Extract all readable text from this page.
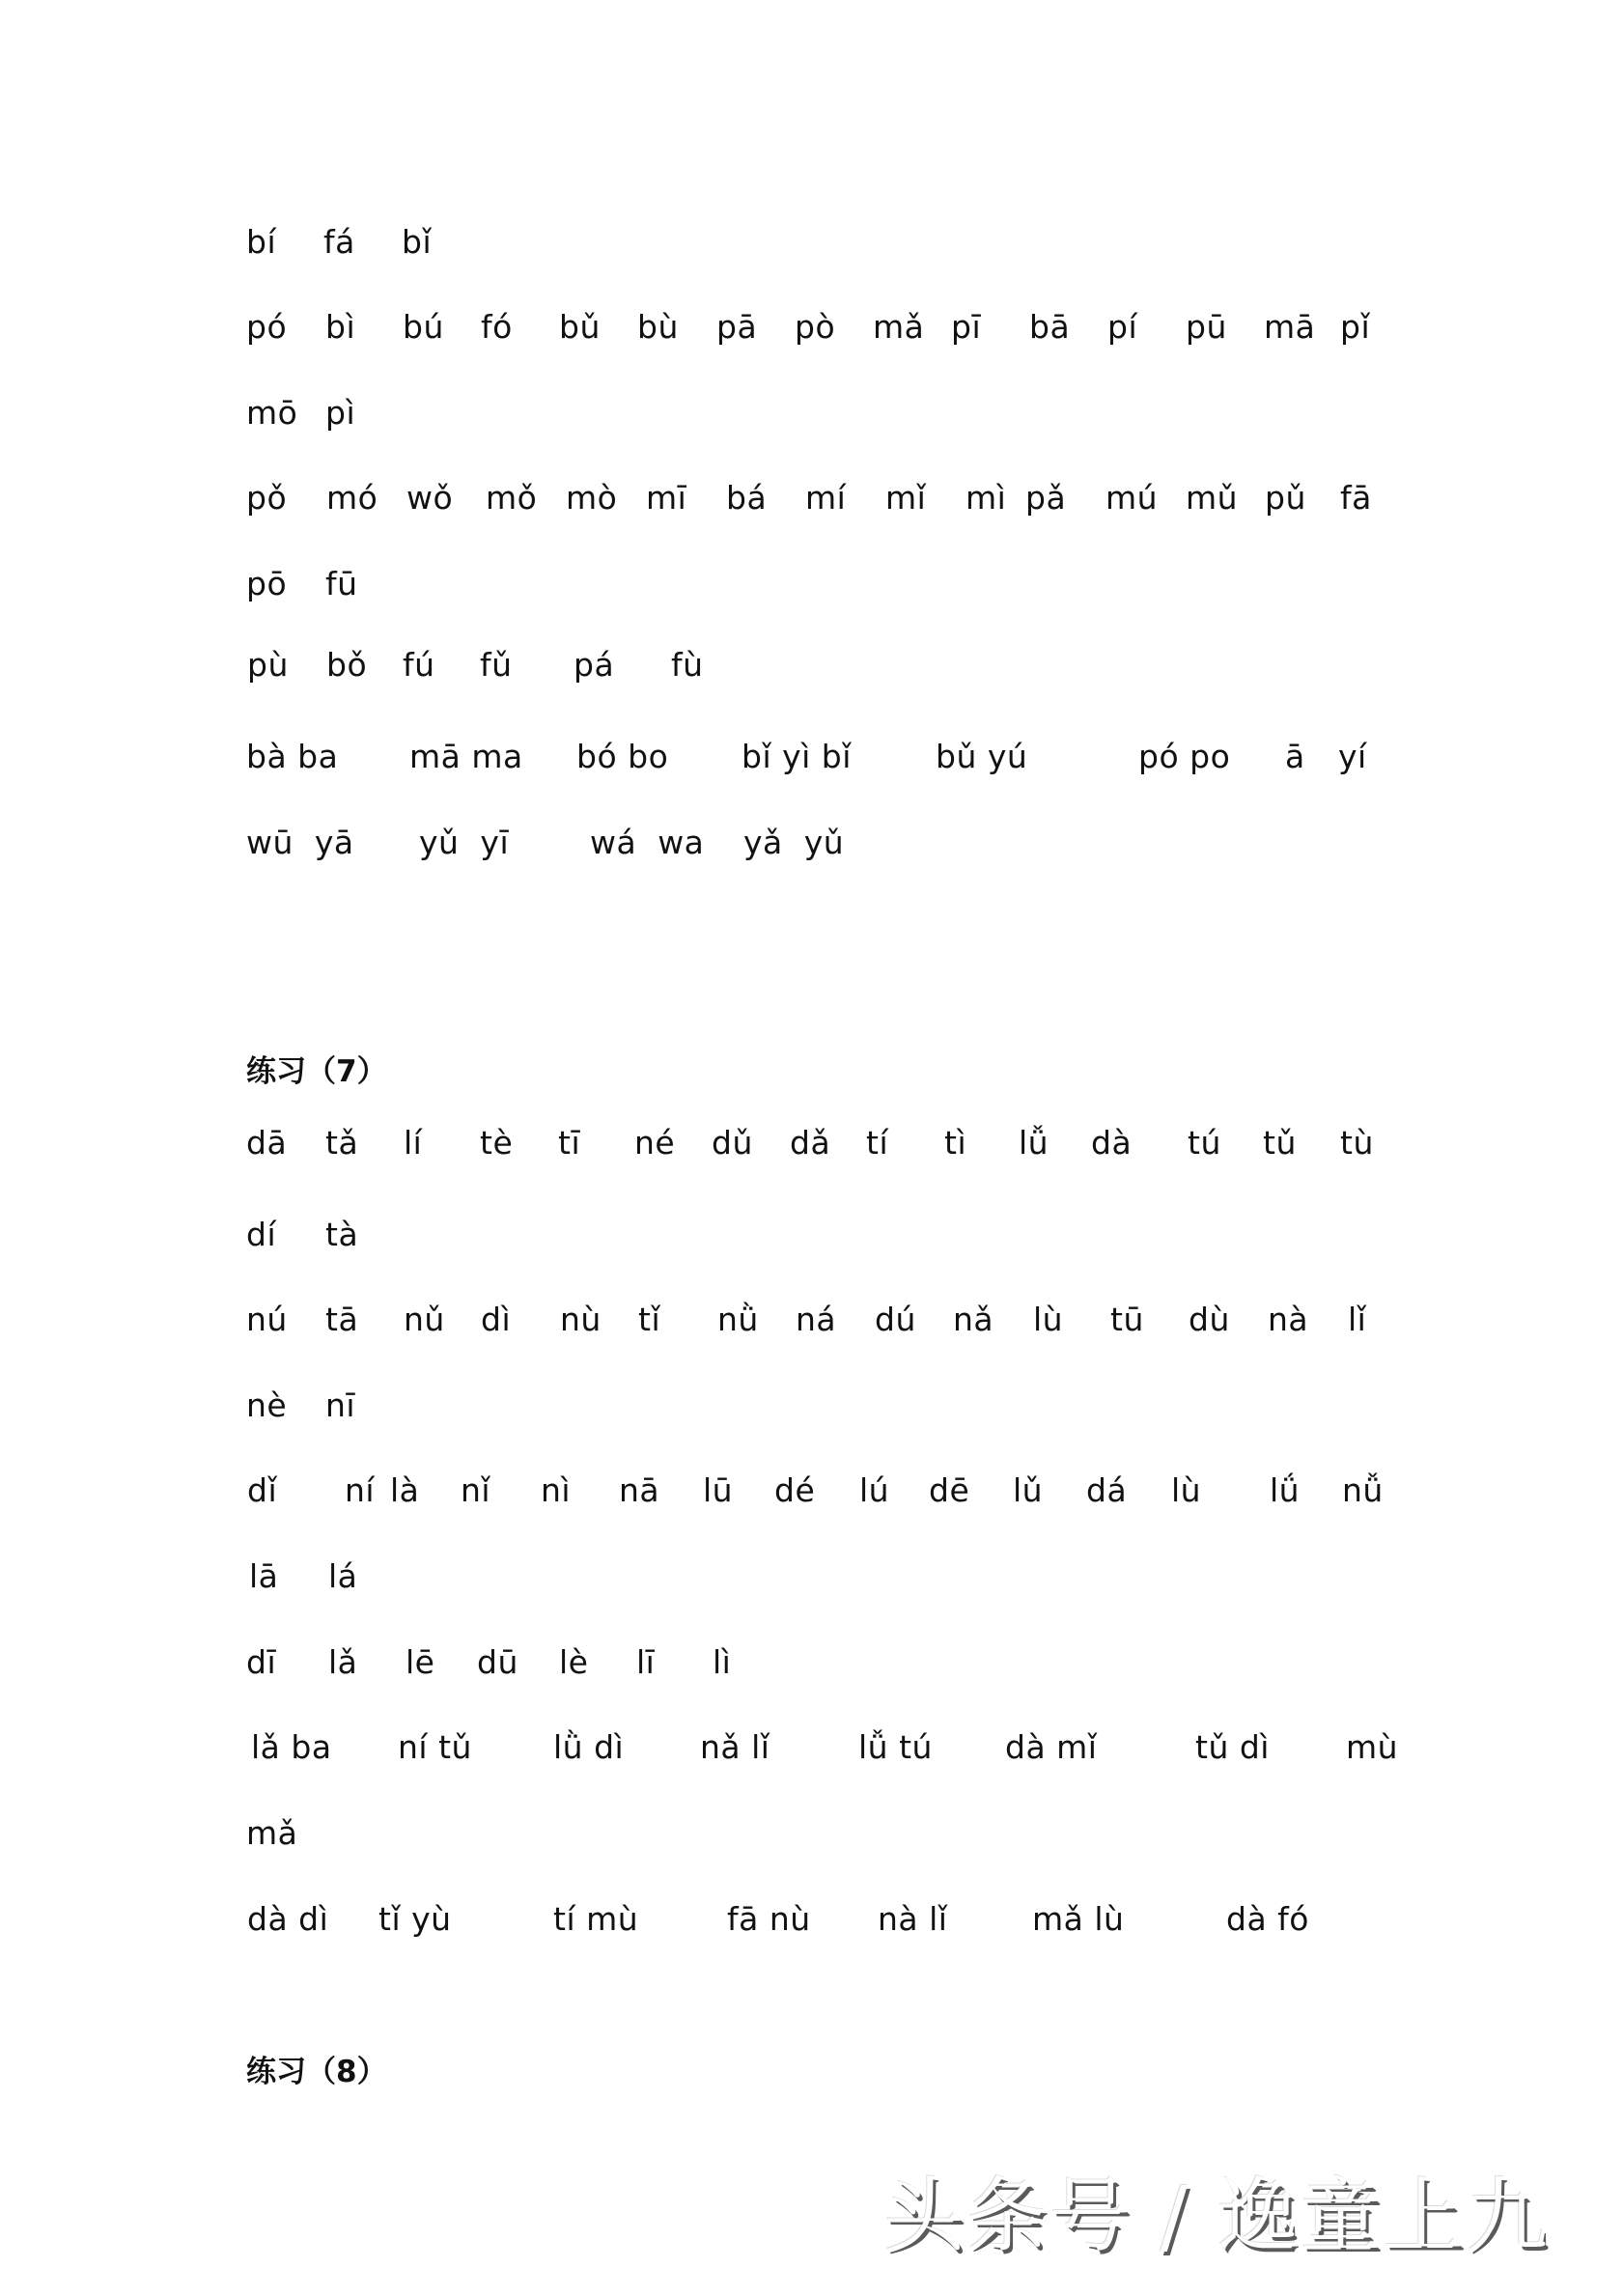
bí fá bǐ
pó bì bú fó bǔ bù pā pò mǎ pī bā pí pū mā pǐ
mō pì
pǒ mó wǒ mǒ mò mī bá mí mǐ mì pǎ mú mǔ pǔ fā
pō fū
pù bǒ fú fǔ pá fù
bà ba mā ma bó bo bǐ yì bǐ	bǔ yú	pó po ā yí
wū  yā yǔ  yī	wá  wa yǎ  yǔ
练习（7）
dā tǎ lí tè tī né dǔ dǎ tí tì lǚ dà tú tǔ tù
dí tà
nú tā nǔ dì nù tǐ nǜ ná dú nǎ lù tū dù nà lǐ
nè nī
dǐ ní là nǐ nì nā lū dé lú dē lǔ dá lù lǘ nǚ
lā lá
dī lǎ lē dū lè lī lì
lǎ ba ní tǔ	lǜ dì nǎ lǐ	lǚ tú dà mǐ	tǔ dì mù
mǎ
dà dì tǐ yù	tí mù	fā nù nà lǐ	mǎ lù	dà fó
练习（8）
头条号 / 逸童上九
